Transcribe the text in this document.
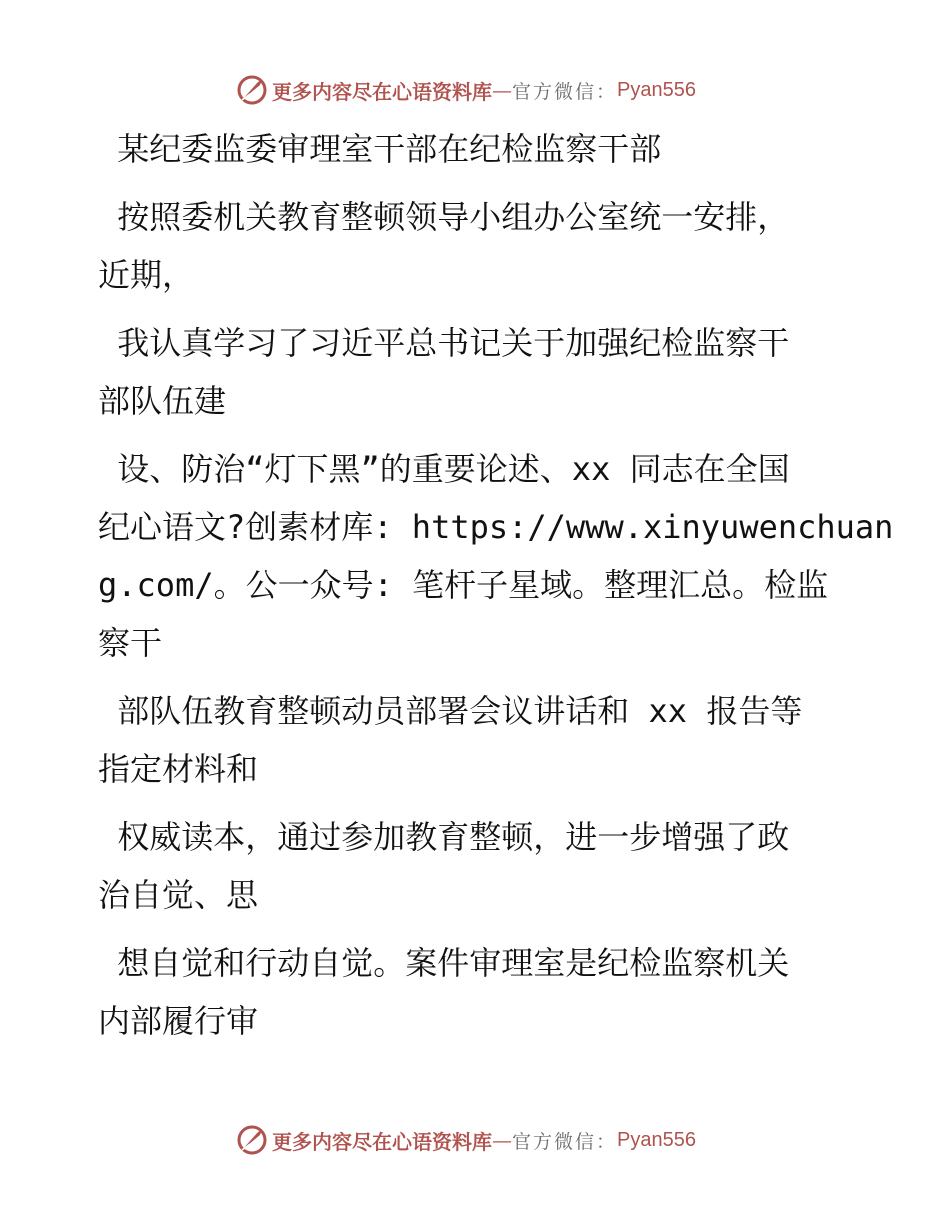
更多内容尽在心语资料库 — 官方微信： Pyan556
某纪委监委审理室干部在纪检监察干部
按照委机关教育整顿领导小组办公室统一安排，
近期，
我认真学习了习近平总书记关于加强纪检监察干
部队伍建
设、防治“灯下黑”的重要论述、xx 同志在全国
纪心语文?创素材库: https://www.xinyuwenchuan
g.com/。公一众号: 笔杆子星域。整理汇总。检监
察干
部队伍教育整顿动员部署会议讲话和 xx 报告等
指定材料和
权威读本，通过参加教育整顿，进一步增强了政
治自觉、思
想自觉和行动自觉。案件审理室是纪检监察机关
内部履行审
更多内容尽在心语资料库 — 官方微信： Pyan556
